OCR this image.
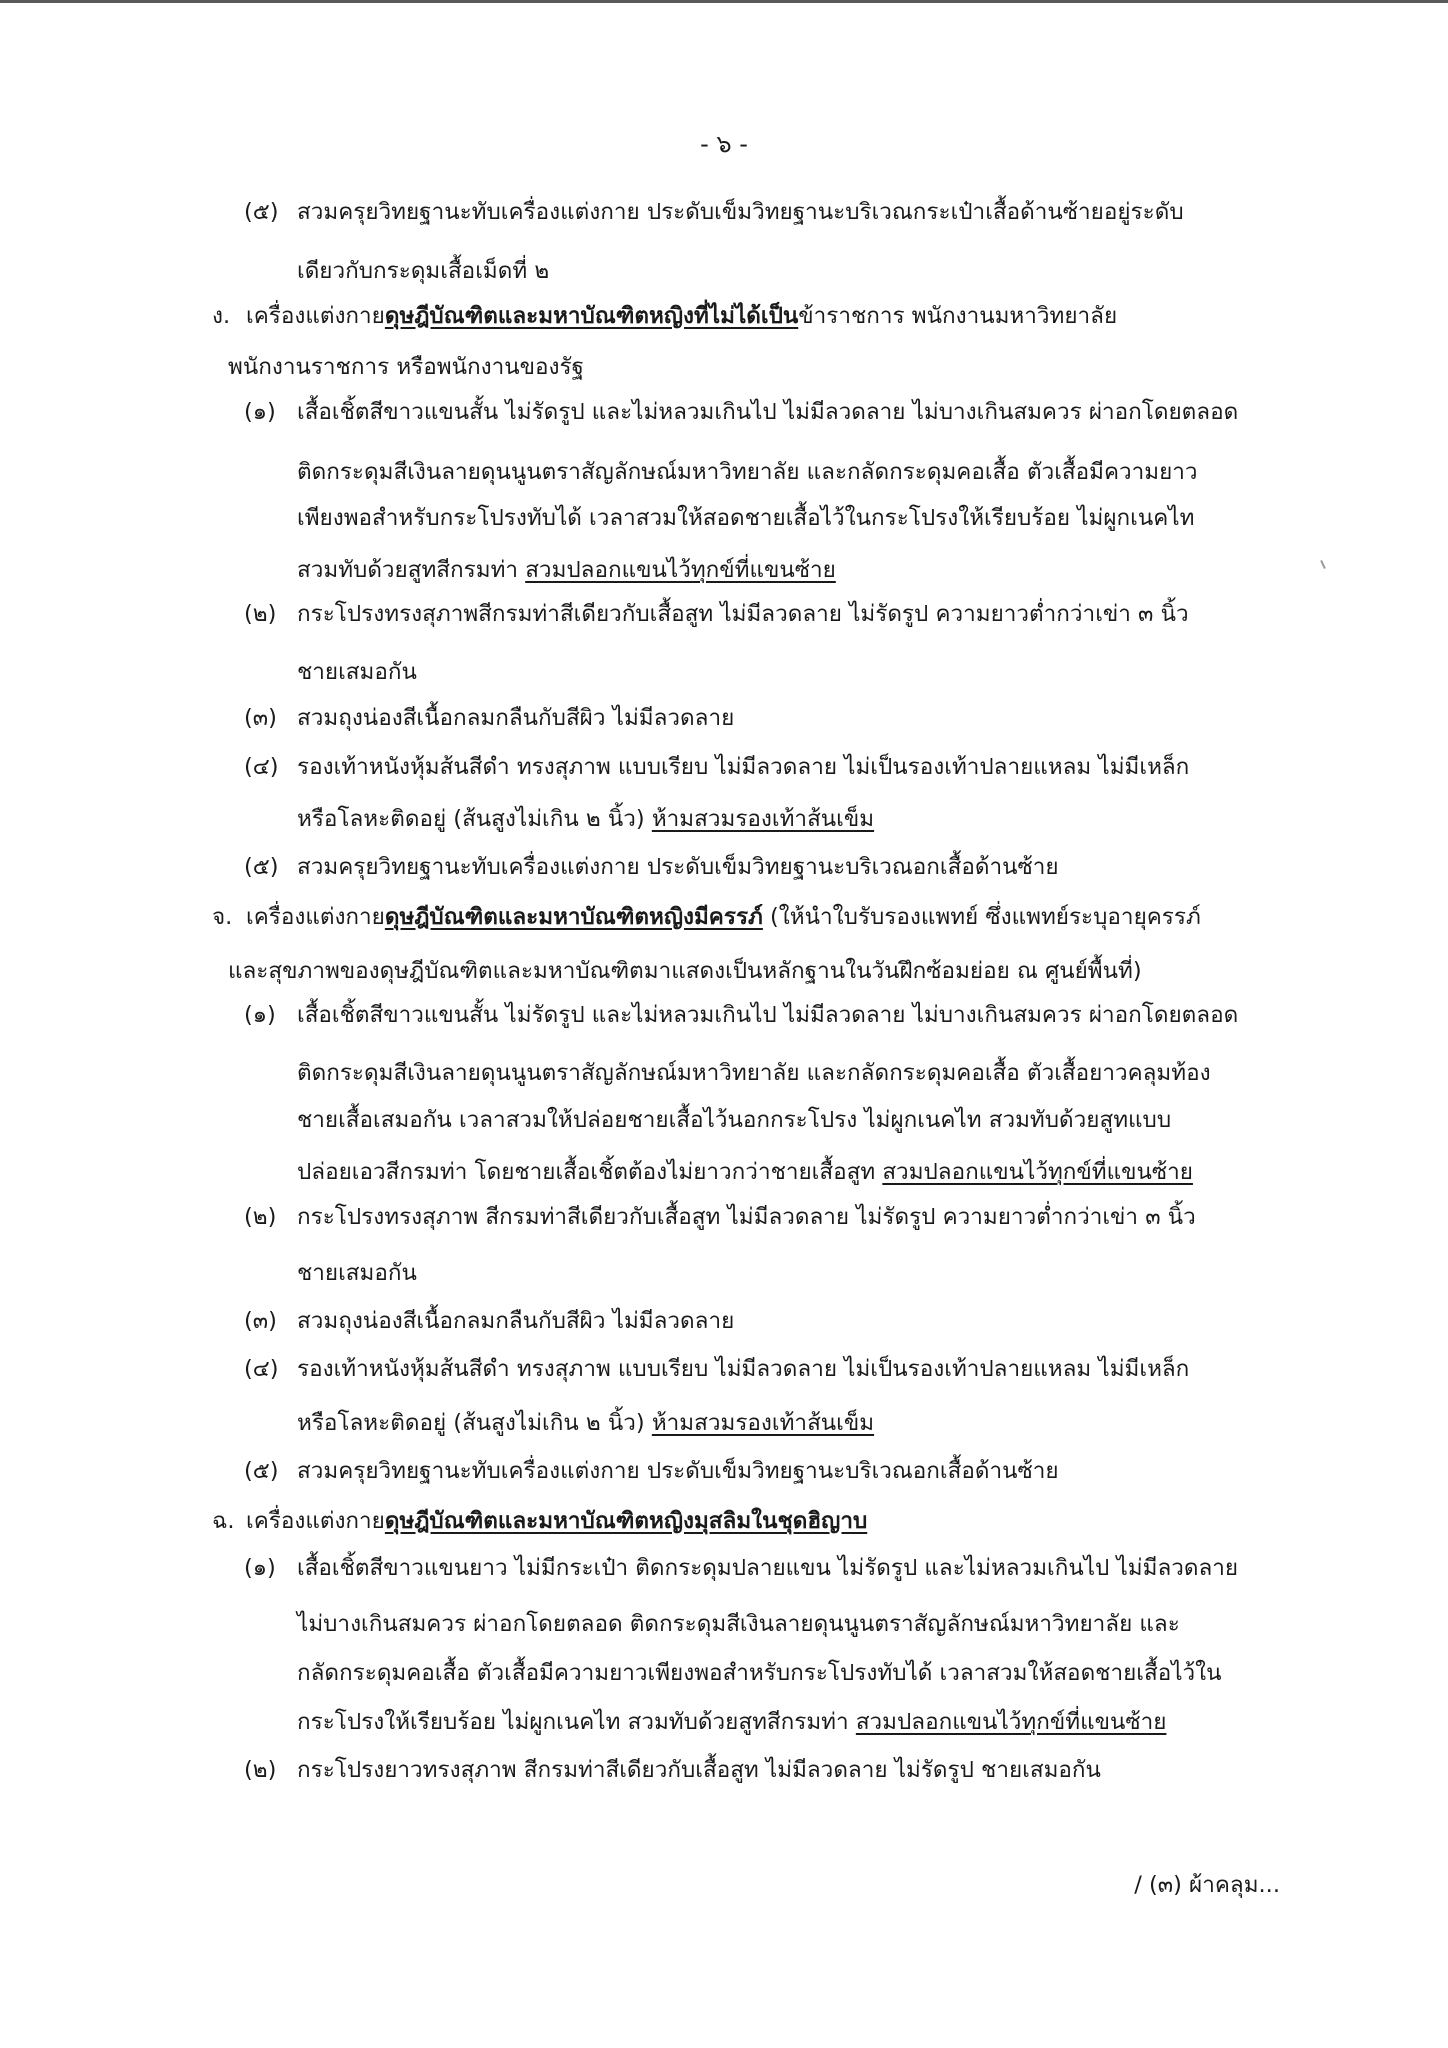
- ๖ -
(๕) สวมครุยวิทยฐานะทับเครื่องแต่งกาย ประดับเข็มวิทยฐานะบริเวณกระเป๋าเสื้อด้านซ้ายอยู่ระดับ
เดียวกับกระดุมเสื้อเม็ดที่ ๒
ง. เครื่องแต่งกายดุษฎีบัณฑิตและมหาบัณฑิตหญิงที่ไม่ได้เป็นข้าราชการ พนักงานมหาวิทยาลัย
พนักงานราชการ หรือพนักงานของรัฐ
(๑) เสื้อเชิ้ตสีขาวแขนสั้น ไม่รัดรูป และไม่หลวมเกินไป ไม่มีลวดลาย ไม่บางเกินสมควร ผ่าอกโดยตลอด
ติดกระดุมสีเงินลายดุนนูนตราสัญลักษณ์มหาวิทยาลัย และกลัดกระดุมคอเสื้อ ตัวเสื้อมีความยาว
เพียงพอสำหรับกระโปรงทับได้ เวลาสวมให้สอดชายเสื้อไว้ในกระโปรงให้เรียบร้อย ไม่ผูกเนคไท
สวมทับด้วยสูทสีกรมท่า สวมปลอกแขนไว้ทุกข์ที่แขนซ้าย
(๒) กระโปรงทรงสุภาพสีกรมท่าสีเดียวกับเสื้อสูท ไม่มีลวดลาย ไม่รัดรูป ความยาวต่ำกว่าเข่า ๓ นิ้ว
ชายเสมอกัน
(๓) สวมถุงน่องสีเนื้อกลมกลืนกับสีผิว ไม่มีลวดลาย
(๔) รองเท้าหนังหุ้มส้นสีดำ ทรงสุภาพ แบบเรียบ ไม่มีลวดลาย ไม่เป็นรองเท้าปลายแหลม ไม่มีเหล็ก
หรือโลหะติดอยู่ (ส้นสูงไม่เกิน ๒ นิ้ว) ห้ามสวมรองเท้าส้นเข็ม
(๕) สวมครุยวิทยฐานะทับเครื่องแต่งกาย ประดับเข็มวิทยฐานะบริเวณอกเสื้อด้านซ้าย
จ. เครื่องแต่งกายดุษฎีบัณฑิตและมหาบัณฑิตหญิงมีครรภ์ (ให้นำใบรับรองแพทย์ ซึ่งแพทย์ระบุอายุครรภ์
และสุขภาพของดุษฎีบัณฑิตและมหาบัณฑิตมาแสดงเป็นหลักฐานในวันฝึกซ้อมย่อย ณ ศูนย์พื้นที่)
(๑) เสื้อเชิ้ตสีขาวแขนสั้น ไม่รัดรูป และไม่หลวมเกินไป ไม่มีลวดลาย ไม่บางเกินสมควร ผ่าอกโดยตลอด
ติดกระดุมสีเงินลายดุนนูนตราสัญลักษณ์มหาวิทยาลัย และกลัดกระดุมคอเสื้อ ตัวเสื้อยาวคลุมท้อง
ชายเสื้อเสมอกัน เวลาสวมให้ปล่อยชายเสื้อไว้นอกกระโปรง ไม่ผูกเนคไท สวมทับด้วยสูทแบบ
ปล่อยเอวสีกรมท่า โดยชายเสื้อเชิ้ตต้องไม่ยาวกว่าชายเสื้อสูท สวมปลอกแขนไว้ทุกข์ที่แขนซ้าย
(๒) กระโปรงทรงสุภาพ สีกรมท่าสีเดียวกับเสื้อสูท ไม่มีลวดลาย ไม่รัดรูป ความยาวต่ำกว่าเข่า ๓ นิ้ว
ชายเสมอกัน
(๓) สวมถุงน่องสีเนื้อกลมกลืนกับสีผิว ไม่มีลวดลาย
(๔) รองเท้าหนังหุ้มส้นสีดำ ทรงสุภาพ แบบเรียบ ไม่มีลวดลาย ไม่เป็นรองเท้าปลายแหลม ไม่มีเหล็ก
หรือโลหะติดอยู่ (ส้นสูงไม่เกิน ๒ นิ้ว) ห้ามสวมรองเท้าส้นเข็ม
(๕) สวมครุยวิทยฐานะทับเครื่องแต่งกาย ประดับเข็มวิทยฐานะบริเวณอกเสื้อด้านซ้าย
ฉ. เครื่องแต่งกายดุษฎีบัณฑิตและมหาบัณฑิตหญิงมุสลิมในชุดฮิญาบ
(๑) เสื้อเชิ้ตสีขาวแขนยาว ไม่มีกระเป๋า ติดกระดุมปลายแขน ไม่รัดรูป และไม่หลวมเกินไป ไม่มีลวดลาย
ไม่บางเกินสมควร ผ่าอกโดยตลอด ติดกระดุมสีเงินลายดุนนูนตราสัญลักษณ์มหาวิทยาลัย และ
กลัดกระดุมคอเสื้อ ตัวเสื้อมีความยาวเพียงพอสำหรับกระโปรงทับได้ เวลาสวมให้สอดชายเสื้อไว้ใน
กระโปรงให้เรียบร้อย ไม่ผูกเนคไท สวมทับด้วยสูทสีกรมท่า สวมปลอกแขนไว้ทุกข์ที่แขนซ้าย
(๒) กระโปรงยาวทรงสุภาพ สีกรมท่าสีเดียวกับเสื้อสูท ไม่มีลวดลาย ไม่รัดรูป ชายเสมอกัน
/ (๓) ผ้าคลุม...
